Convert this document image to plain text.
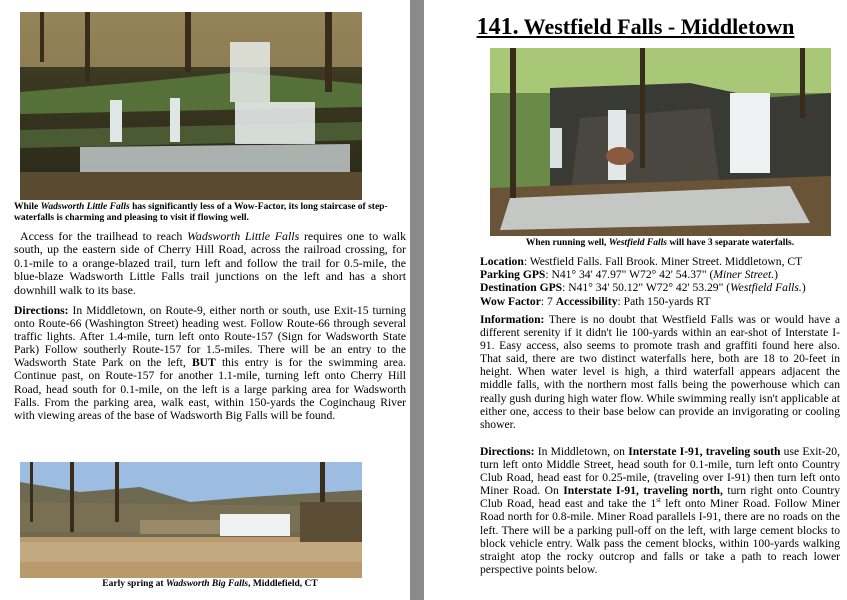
While Wadsworth Little Falls has significantly less of a Wow-Factor, its long staircase of step-waterfalls is charming and pleasing to visit if flowing well.
Access for the trailhead to reach Wadsworth Little Falls requires one to walk south, up the eastern side of Cherry Hill Road, across the railroad crossing, for 0.1-mile to a orange-blazed trail, turn left and follow the trail for 0.5-mile, the blue-blaze Wadsworth Little Falls trail junctions on the left and has a short downhill walk to its base.
Directions: In Middletown, on Route-9, either north or south, use Exit-15 turning onto Route-66 (Washington Street) heading west. Follow Route-66 through several traffic lights. After 1.4-mile, turn left onto Route-157 (Sign for Wadsworth State Park) Follow southerly Route-157 for 1.5-miles. There will be an entry to the Wadsworth State Park on the left, BUT this entry is for the swimming area. Continue past, on Route-157 for another 1.1-mile, turning left onto Cherry Hill Road, head south for 0.1-mile, on the left is a large parking area for Wadsworth Falls. From the parking area, walk east, within 150-yards the Coginchaug River with viewing areas of the base of Wadsworth Big Falls will be found.
Early spring at Wadsworth Big Falls, Middlefield, CT
141. Westfield Falls - Middletown
When running well, Westfield Falls will have 3 separate waterfalls.
Location: Westfield Falls. Fall Brook. Miner Street. Middletown, CT
Parking GPS: N41° 34' 47.97" W72° 42' 54.37" (Miner Street.)
Destination GPS: N41° 34' 50.12" W72° 42' 53.29" (Westfield Falls.)
Wow Factor: 7 Accessibility: Path 150-yards RT
Information: There is no doubt that Westfield Falls was or would have a different serenity if it didn't lie 100-yards within an ear-shot of Interstate I-91. Easy access, also seems to promote trash and graffiti found here also. That said, there are two distinct waterfalls here, both are 18 to 20-feet in height. When water level is high, a third waterfall appears adjacent the middle falls, with the northern most falls being the powerhouse which can really gush during high water flow. While swimming really isn't applicable at either one, access to their base below can provide an invigorating or cooling shower.
Directions: In Middletown, on Interstate I-91, traveling south use Exit-20, turn left onto Middle Street, head south for 0.1-mile, turn left onto Country Club Road, head east for 0.25-mile, (traveling over I-91) then turn left onto Miner Road. On Interstate I-91, traveling north, turn right onto Country Club Road, head east and take the 1st left onto Miner Road. Follow Miner Road north for 0.8-mile. Miner Road parallels I-91, there are no roads on the left. There will be a parking pull-off on the left, with large cement blocks to block vehicle entry. Walk pass the cement blocks, within 100-yards walking straight atop the rocky outcrop and falls or take a path to reach lower perspective points below.
